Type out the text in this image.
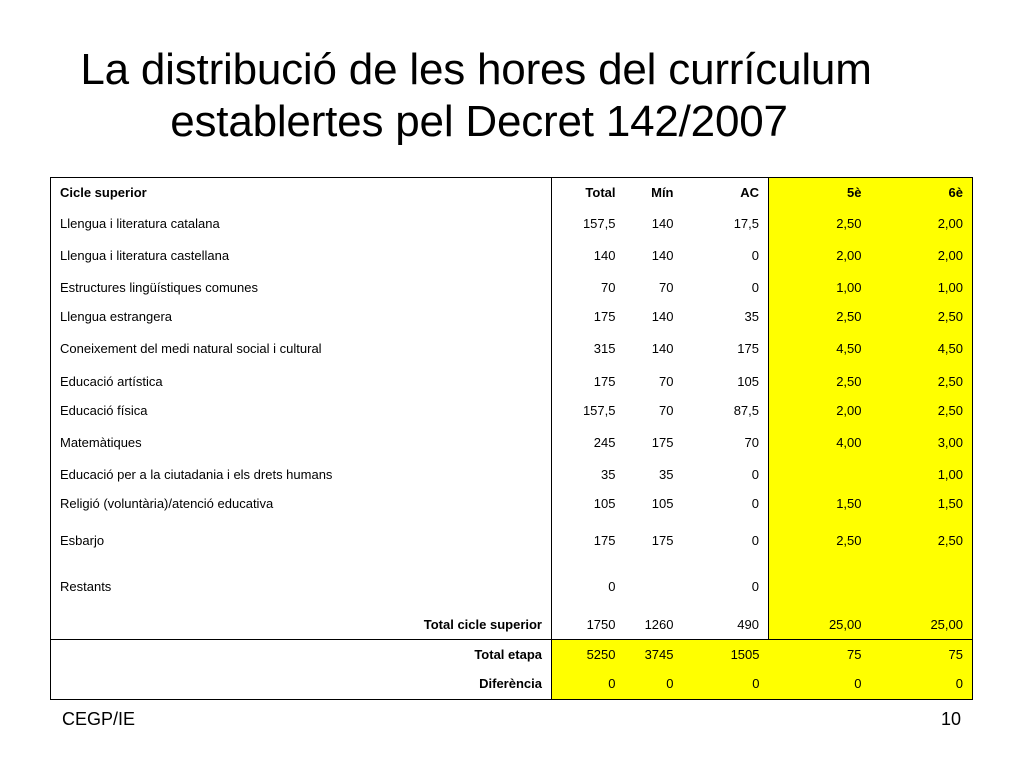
La distribució de les hores del currículum
establertes pel Decret 142/2007
Cicle superior	Total	Mín	AC	5è	6è
Llengua i literatura catalana	157,5	140	17,5	2,50	2,00
Llengua i literatura castellana	140	140	0	2,00	2,00
Estructures lingüístiques comunes	70	70	0	1,00	1,00
Llengua estrangera	175	140	35	2,50	2,50
Coneixement del medi natural social i cultural	315	140	175	4,50	4,50
Educació artística	175	70	105	2,50	2,50
Educació física	157,5	70	87,5	2,00	2,50
Matemàtiques	245	175	70	4,00	3,00
Educació per a la ciutadania i els drets humans	35	35	0		1,00
Religió (voluntària)/atenció educativa	105	105	0	1,50	1,50
Esbarjo	175	175	0	2,50	2,50
Restants	0		0		
Total cicle superior	1750	1260	490	25,00	25,00
Total etapa	5250	3745	1505	75	75
Diferència	0	0	0	0	0
CEGP/IE	10
